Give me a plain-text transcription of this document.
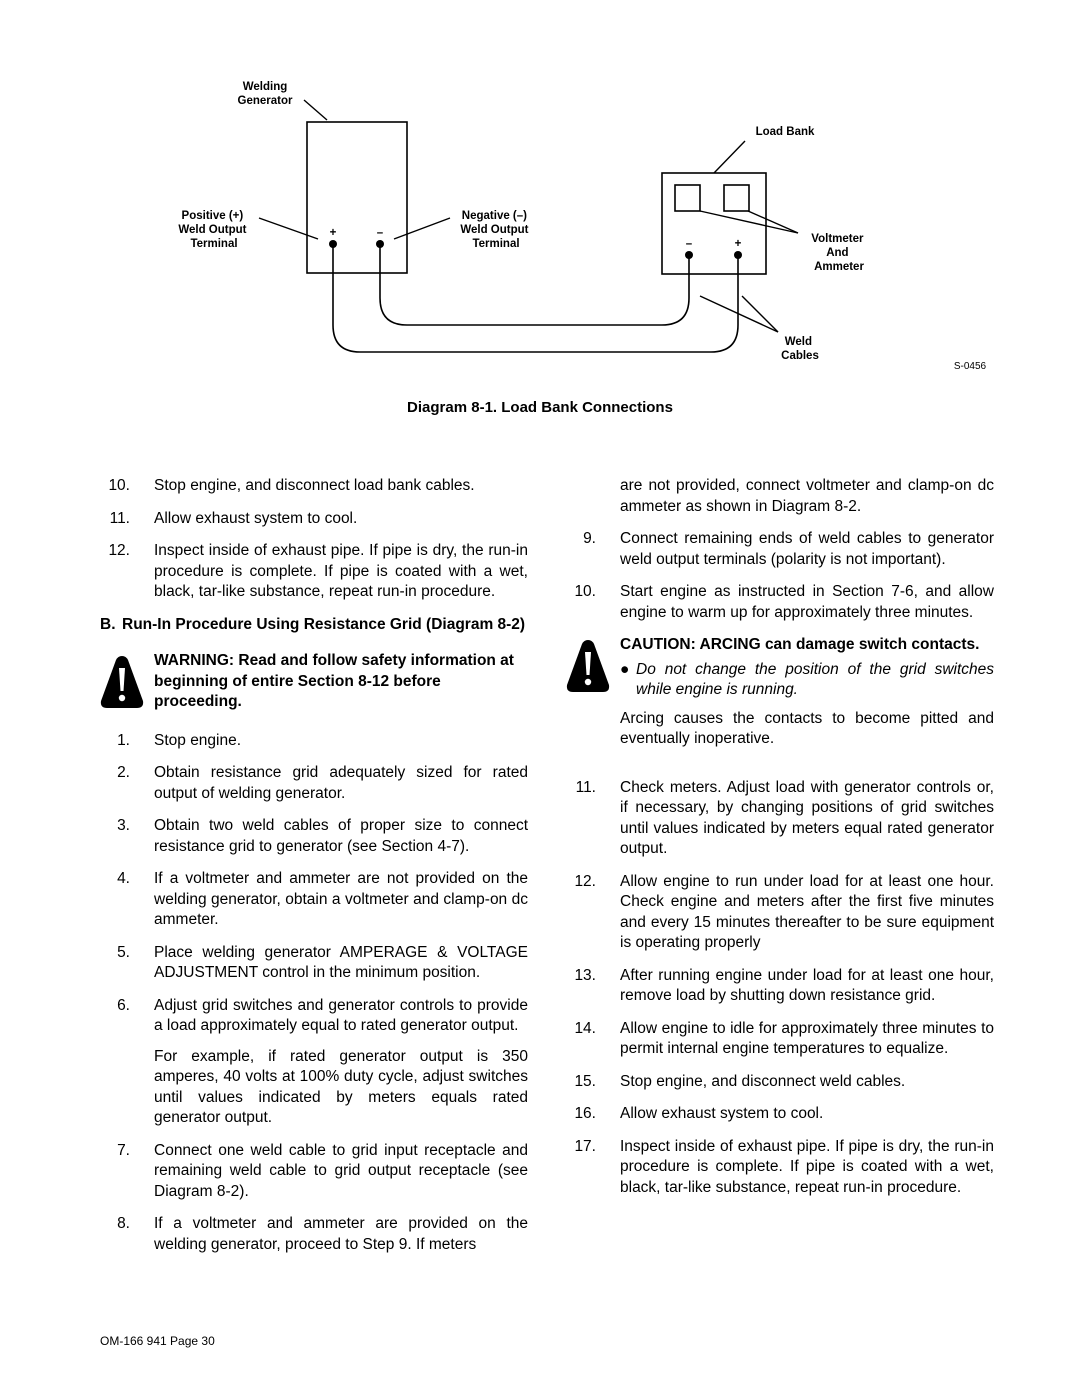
+	–
–	+
Welding Generator
Load Bank
Positive (+) Weld Output Terminal
Negative (–) Weld Output Terminal	Voltmeter And Ammeter
Weld Cables
S-0456
Diagram 8-1. Load Bank Connections
10. Stop engine, and disconnect load bank cables.
11. Allow exhaust system to cool.
12. Inspect inside of exhaust pipe. If pipe is dry, the run-in procedure is complete. If pipe is coated with a wet, black, tar-like substance, repeat run-in procedure.
B. Run-In Procedure Using Resistance Grid (Diagram 8-2)
WARNING: Read and follow safety information at beginning of entire Section 8-12 before proceeding.
1. Stop engine.
2. Obtain resistance grid adequately sized for rated output of welding generator.
3. Obtain two weld cables of proper size to connect resistance grid to generator (see Section 4-7).
4. If a voltmeter and ammeter are not provided on the welding generator, obtain a voltmeter and clamp-on dc ammeter.
5. Place welding generator AMPERAGE & VOLTAGE ADJUSTMENT control in the minimum position.
6. Adjust grid switches and generator controls to provide a load approximately equal to rated generator output.
For example, if rated generator output is 350 amperes, 40 volts at 100% duty cycle, adjust switches until values indicated by meters equals rated generator output.
7. Connect one weld cable to grid input receptacle and remaining weld cable to grid output receptacle (see Diagram 8-2).
8. If a voltmeter and ammeter are provided on the welding generator, proceed to Step 9. If meters
are not provided, connect voltmeter and clamp-on dc ammeter as shown in Diagram 8-2.
9. Connect remaining ends of weld cables to generator weld output terminals (polarity is not important).
10. Start engine as instructed in Section 7-6, and allow engine to warm up for approximately three minutes.
CAUTION: ARCING can damage switch contacts.
● Do not change the position of the grid switches while engine is running.
Arcing causes the contacts to become pitted and eventually inoperative.
11. Check meters. Adjust load with generator controls or, if necessary, by changing positions of grid switches until values indicated by meters equal rated generator output.
12. Allow engine to run under load for at least one hour. Check engine and meters after the first five minutes and every 15 minutes thereafter to be sure equipment is operating properly
13. After running engine under load for at least one hour, remove load by shutting down resistance grid.
14. Allow engine to idle for approximately three minutes to permit internal engine temperatures to equalize.
15. Stop engine, and disconnect weld cables.
16. Allow exhaust system to cool.
17. Inspect inside of exhaust pipe. If pipe is dry, the run-in procedure is complete. If pipe is coated with a wet, black, tar-like substance, repeat run-in procedure.
OM-166 941 Page 30
